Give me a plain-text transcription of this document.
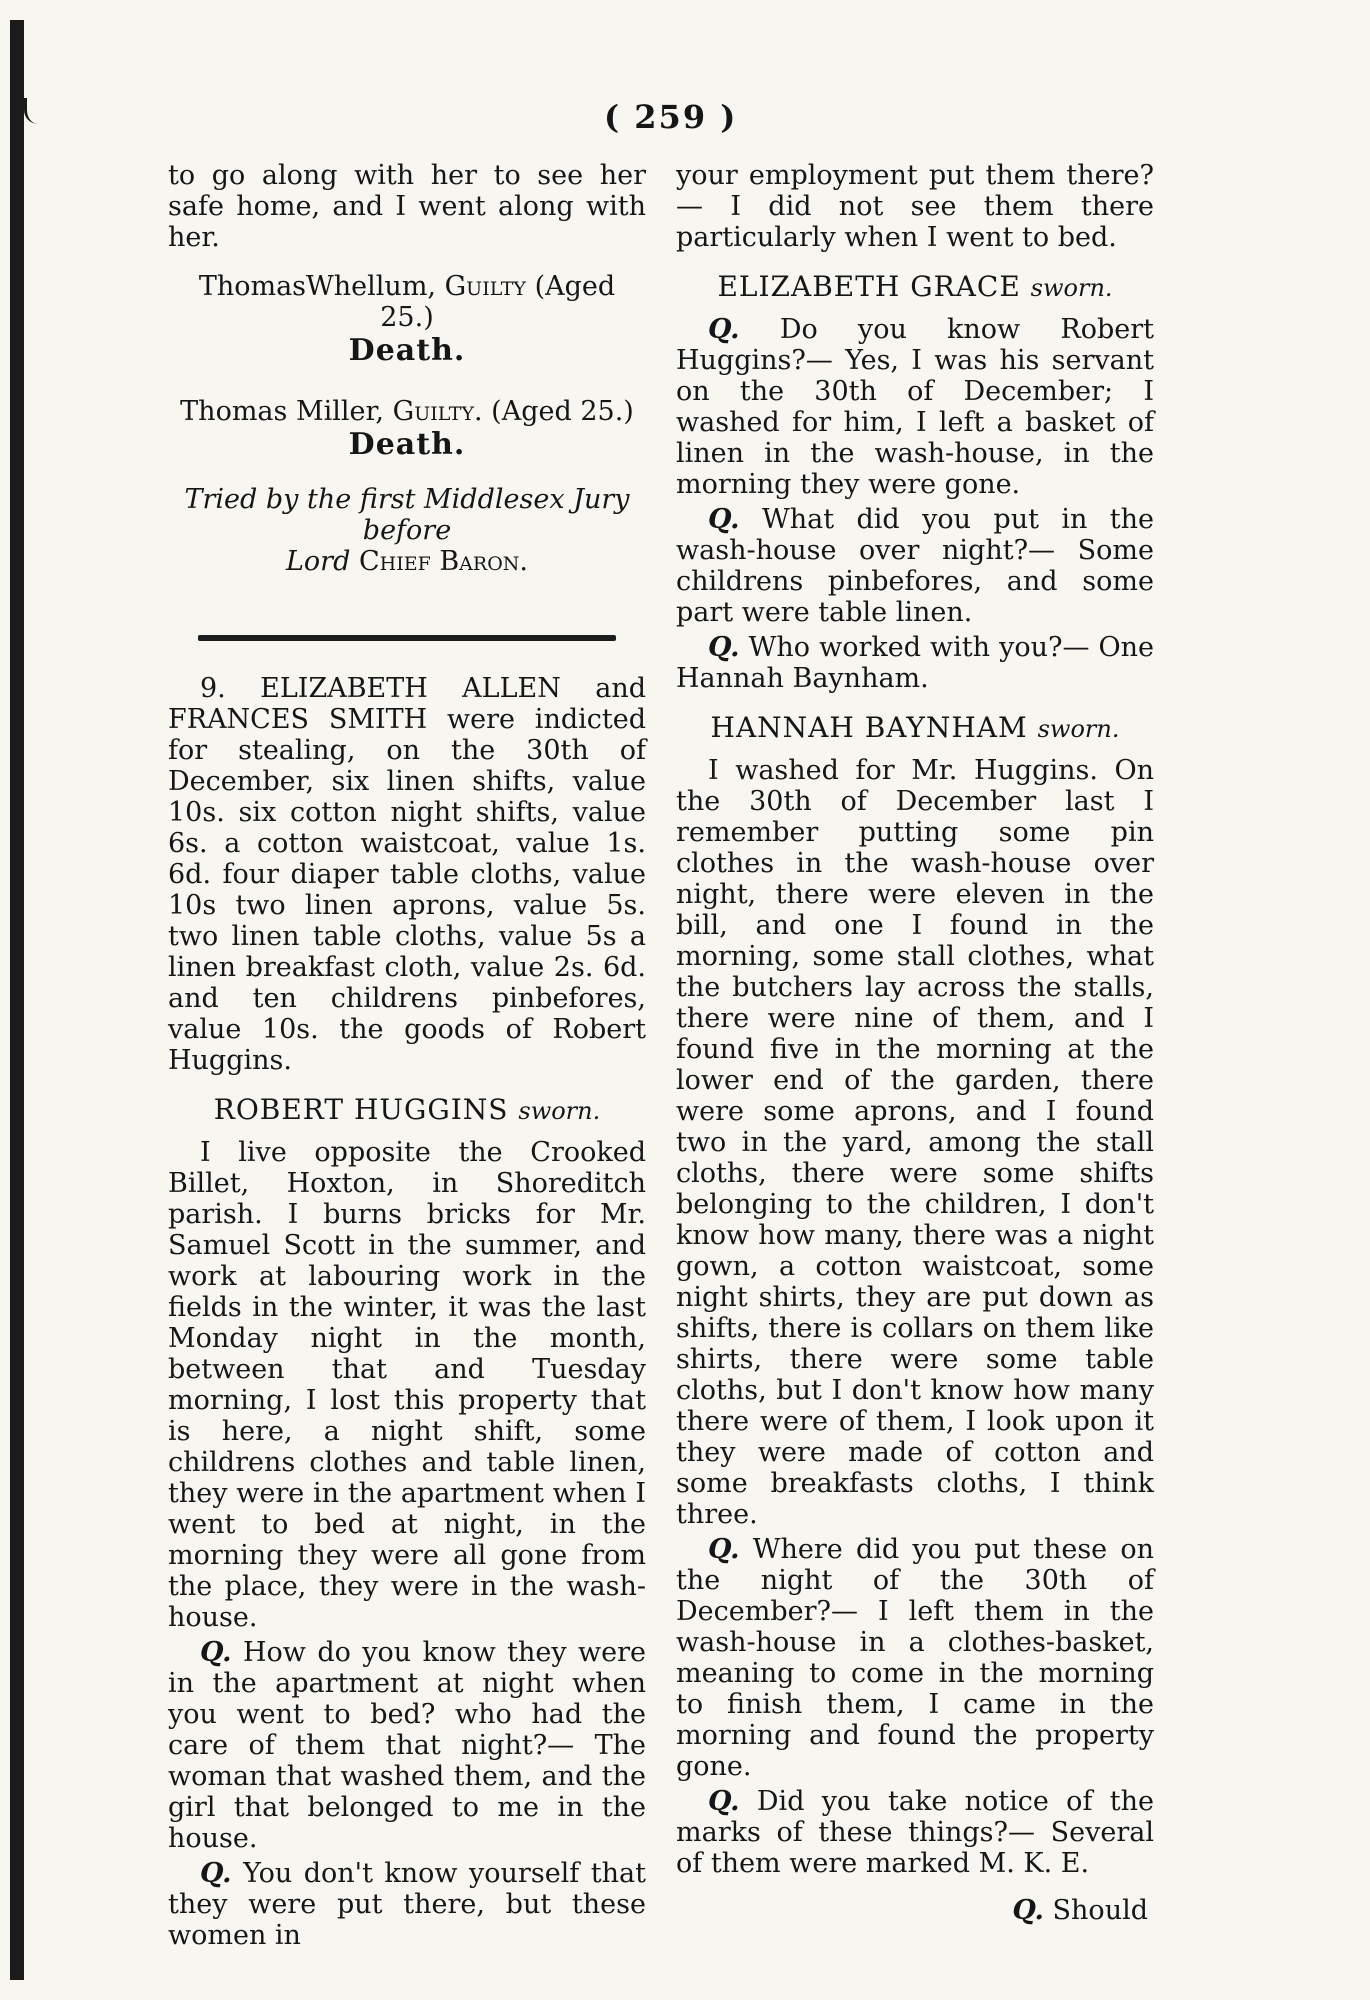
( 259 )

to go along with her to see her safe home, and I went along with her.

ThomasWhellum, Guilty (Aged 25.)

Death.

Thomas Miller, Guilty. (Aged 25.)

Death.

Tried by the first Middlesex Jury before
Lord Chief Baron.

9. ELIZABETH ALLEN and FRANCES SMITH were indicted for stealing, on the 30th of December, six linen shifts, value 10s. six cotton night shifts, value 6s. a cotton waistcoat, value 1s. 6d. four diaper table cloths, value 10s two linen aprons, value 5s. two linen table cloths, value 5s a linen breakfast cloth, value 2s. 6d. and ten childrens pinbefores, value 10s. the goods of Robert Huggins.

ROBERT HUGGINS sworn.

I live opposite the Crooked Billet, Hoxton, in Shoreditch parish. I burns bricks for Mr. Samuel Scott in the summer, and work at labouring work in the fields in the winter, it was the last Monday night in the month, between that and Tuesday morning, I lost this property that is here, a night shift, some childrens clothes and table linen, they were in the apartment when I went to bed at night, in the morning they were all gone from the place, they were in the wash-house.

Q. How do you know they were in the apartment at night when you went to bed? who had the care of them that night?— The woman that washed them, and the girl that belonged to me in the house.

Q. You don't know yourself that they were put there, but these women in

your employment put them there?— I did not see them there particularly when I went to bed.

ELIZABETH GRACE sworn.

Q. Do you know Robert Huggins?— Yes, I was his servant on the 30th of December; I washed for him, I left a basket of linen in the wash-house, in the morning they were gone.

Q. What did you put in the wash-house over night?— Some childrens pinbefores, and some part were table linen.

Q. Who worked with you?— One Hannah Baynham.

HANNAH BAYNHAM sworn.

I washed for Mr. Huggins. On the 30th of December last I remember putting some pin clothes in the wash-house over night, there were eleven in the bill, and one I found in the morning, some stall clothes, what the butchers lay across the stalls, there were nine of them, and I found five in the morning at the lower end of the garden, there were some aprons, and I found two in the yard, among the stall cloths, there were some shifts belonging to the children, I don't know how many, there was a night gown, a cotton waistcoat, some night shirts, they are put down as shifts, there is collars on them like shirts, there were some table cloths, but I don't know how many there were of them, I look upon it they were made of cotton and some breakfasts cloths, I think three.

Q. Where did you put these on the night of the 30th of December?— I left them in the wash-house in a clothes-basket, meaning to come in the morning to finish them, I came in the morning and found the property gone.

Q. Did you take notice of the marks of these things?— Several of them were marked M. K. E.

Q. Should
